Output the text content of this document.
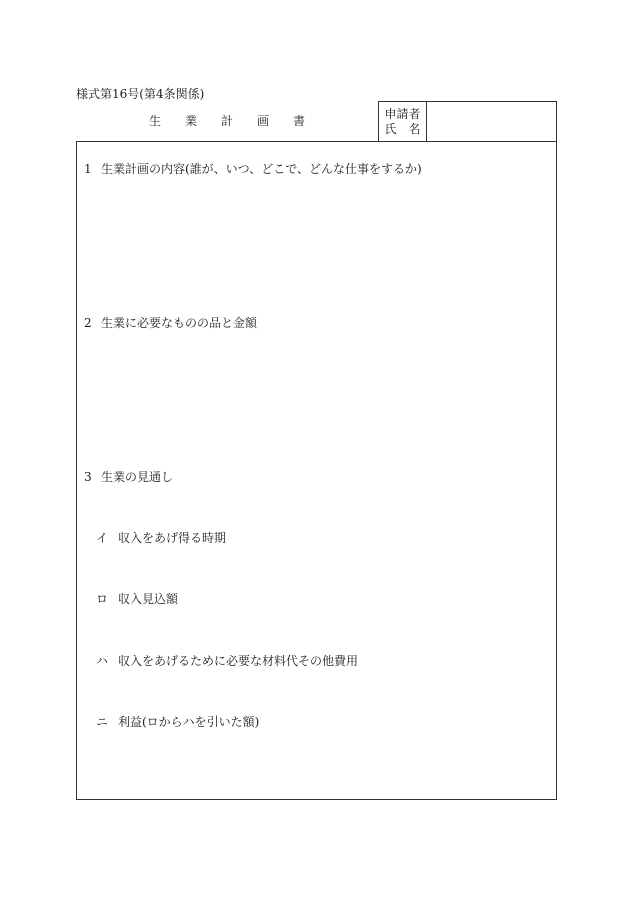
様式第16号(第4条関係)
生 業 計 画 書	申請者
氏　名
1 生業計画の内容(誰が、いつ、どこで、どんな仕事をするか)
2 生業に必要なものの品と金額
3 生業の見通し
イ 収入をあげ得る時期
ロ 収入見込額
ハ 収入をあげるために必要な材料代その他費用
ニ 利益(ロからハを引いた額)
